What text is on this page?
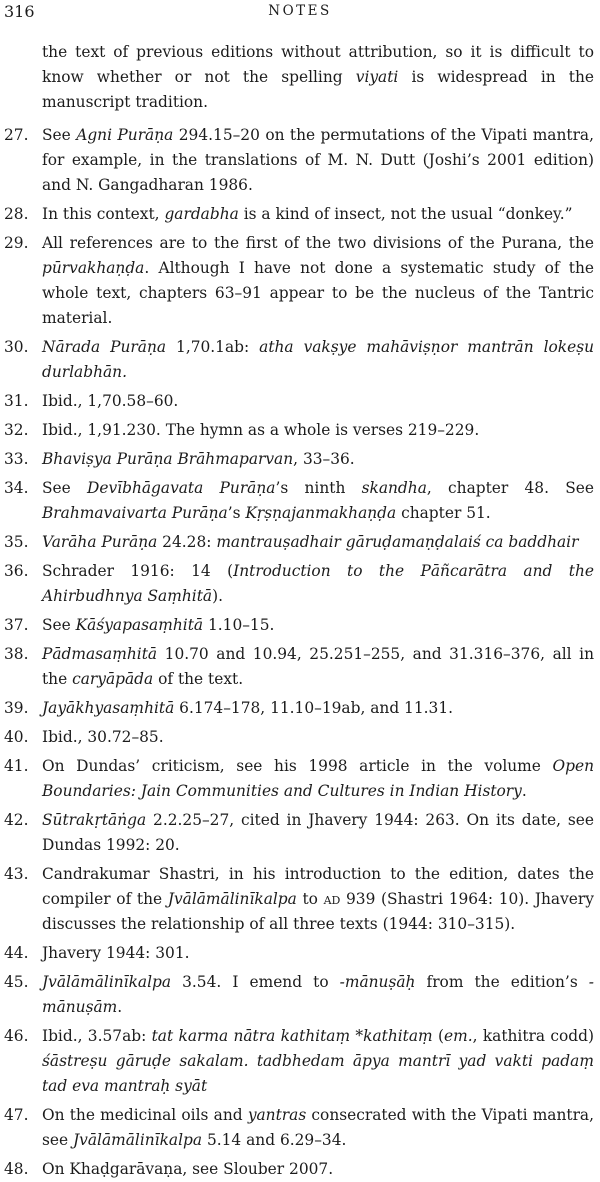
316	NOTES
the text of previous editions without attribution, so it is difficult to know whether or not the spelling viyati is widespread in the manuscript tradition.
27. See Agni Purāṇa 294.15–20 on the permutations of the Vipati mantra, for example, in the translations of M. N. Dutt (Joshi’s 2001 edition) and N. Gangadharan 1986.
28. In this context, gardabha is a kind of insect, not the usual “donkey.”
29. All references are to the first of the two divisions of the Purana, the pūrvakhaṇḍa. Although I have not done a systematic study of the whole text, chapters 63–91 appear to be the nucleus of the Tantric material.
30. Nārada Purāṇa 1,70.1ab: atha vakṣye mahāviṣṇor mantrān lokeṣu durlabhān.
31. Ibid., 1,70.58–60.
32. Ibid., 1,91.230. The hymn as a whole is verses 219–229.
33. Bhaviṣya Purāṇa Brāhmaparvan, 33–36.
34. See Devībhāgavata Purāṇa’s ninth skandha, chapter 48. See Brahmavaivarta Purāṇa’s Kṛṣṇajanmakhaṇḍa chapter 51.
35. Varāha Purāṇa 24.28: mantrauṣadhair gāruḍamaṇḍalaiś ca baddhair
36. Schrader 1916: 14 (Introduction to the Pāñcarātra and the Ahirbudhnya Saṃhitā).
37. See Kāśyapasaṃhitā 1.10–15.
38. Pādmasaṃhitā 10.70 and 10.94, 25.251–255, and 31.316–376, all in the caryāpāda of the text.
39. Jayākhyasaṃhitā 6.174–178, 11.10–19ab, and 11.31.
40. Ibid., 30.72–85.
41. On Dundas’ criticism, see his 1998 article in the volume Open Boundaries: Jain Communities and Cultures in Indian History.
42. Sūtrakṛtāṅga 2.2.25–27, cited in Jhavery 1944: 263. On its date, see Dundas 1992: 20.
43. Candrakumar Shastri, in his introduction to the edition, dates the compiler of the Jvālāmālinīkalpa to ad 939 (Shastri 1964: 10). Jhavery discusses the relationship of all three texts (1944: 310–315).
44. Jhavery 1944: 301.
45. Jvālāmālinīkalpa 3.54. I emend to -mānuṣāḥ from the edition’s -mānuṣām.
46. Ibid., 3.57ab: tat karma nātra kathitaṃ *kathitaṃ (em., kathitra codd) śāstreṣu gāruḍe sakalam. tadbhedam āpya mantrī yad vakti padaṃ tad eva mantraḥ syāt
47. On the medicinal oils and yantras consecrated with the Vipati mantra, see Jvālāmālinīkalpa 5.14 and 6.29–34.
48. On Khaḍgarāvaṇa, see Slouber 2007.
